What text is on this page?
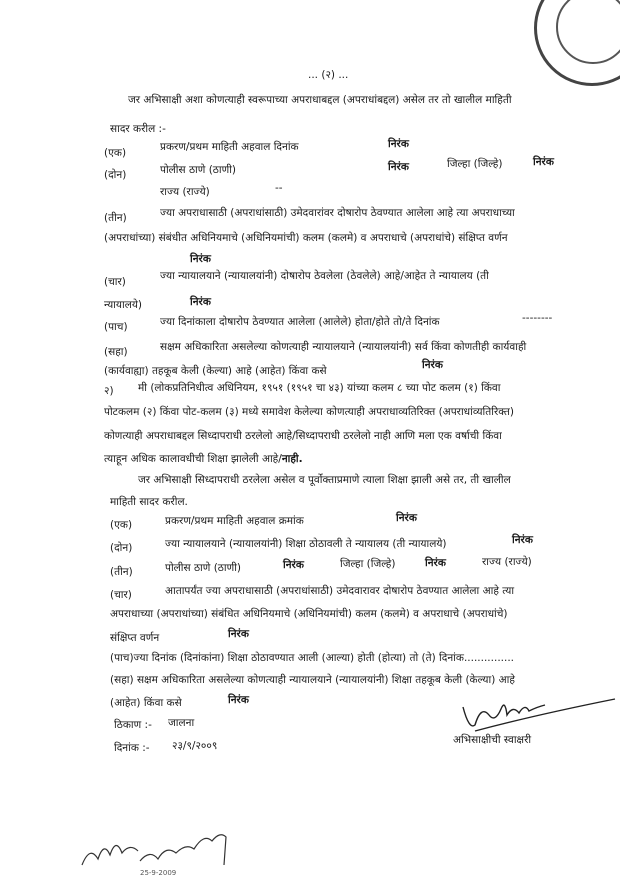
... (२) ...
जर अभिसाक्षी अशा कोणत्याही स्वरूपाच्या अपराधाबद्दल (अपराधांबद्दल) असेल तर तो खालील माहिती
सादर करील :-
(एक)	प्रकरण/प्रथम माहिती अहवाल दिनांक	निरंक
(दोन)	पोलीस ठाणे (ठाणी)	निरंक	जिल्हा (जिल्हे)	निरंक
राज्य (राज्ये)	--
(तीन)	ज्या अपराधासाठी (अपराधांसाठी) उमेदवारांवर दोषारोप ठेवण्यात आलेला आहे त्या अपराधाच्या
(अपराधांच्या) संबंधीत अधिनियमाचे (अधिनियमांची) कलम (कलमे) व अपराधाचे (अपराधांचे) संक्षिप्त वर्णन
निरंक
(चार)	ज्या न्यायालयाने (न्यायालयांनी) दोषारोप ठेवलेला (ठेवलेले) आहे/आहेत ते न्यायालय (ती
न्यायालये)	निरंक
(पाच)	ज्या दिनांकाला दोषारोप ठेवण्यात आलेला (आलेले) होता/होते तो/ते दिनांक	--------
(सहा)	सक्षम अधिकारिता असलेल्या कोणत्याही न्यायालयाने (न्यायालयांनी) सर्व किंवा कोणतीही कार्यवाही
(कार्यवाह्या) तहकूब केली (केल्या) आहे (आहेत) किंवा कसे	निरंक
२) मी (लोकप्रतिनिधीत्व अधिनियम, १९५१ (१९५१ चा ४३) यांच्या कलम ८ च्या पोट कलम (१) किंवा
पोटकलम (२) किंवा पोट-कलम (३) मध्ये समावेश केलेल्या कोणत्याही अपराधाव्यतिरिक्त (अपराधांव्यतिरिक्त)
कोणत्याही अपराधाबद्दल सिध्दापराधी ठरलेलो आहे/सिध्दापराधी ठरलेलो नाही आणि मला एक वर्षाची किंवा
त्याहून अधिक कालावधीची शिक्षा झालेली आहे/नाही.
जर अभिसाक्षी सिध्दापराधी ठरलेला असेल व पूर्वोक्ताप्रमाणे त्याला शिक्षा झाली असे तर, ती खालील
माहिती सादर करील.
(एक)	प्रकरण/प्रथम माहिती अहवाल क्रमांक	निरंक
(दोन)	ज्या न्यायालयाने (न्यायालयांनी) शिक्षा ठोठावली ते न्यायालय (ती न्यायालये)	निरंक
(तीन)	पोलीस ठाणे (ठाणी)	निरंक	जिल्हा (जिल्हे)	निरंक	राज्य (राज्ये)
(चार)	आतापर्यंत ज्या अपराधासाठी (अपराधांसाठी) उमेदवारावर दोषारोप ठेवण्यात आलेला आहे त्या
अपराधाच्या (अपराधांच्या) संबंधित अधिनियमाचे (अधिनियमांची) कलम (कलमे) व अपराधाचे (अपराधांचे)
संक्षिप्त वर्णन	निरंक
(पाच)ज्या दिनांक (दिनांकांना) शिक्षा ठोठावण्यात आली (आल्या) होती (होत्या) तो (ते) दिनांक...............
(सहा) सक्षम अधिकारिता असलेल्या कोणत्याही न्यायालयाने (न्यायालयांनी) शिक्षा तहकूब केली (केल्या) आहे
(आहेत) किंवा कसे	निरंक
ठिकाण :- जालना
दिनांक :- २३/९/२००९	अभिसाक्षीची स्वाक्षरी
25-9-2009
